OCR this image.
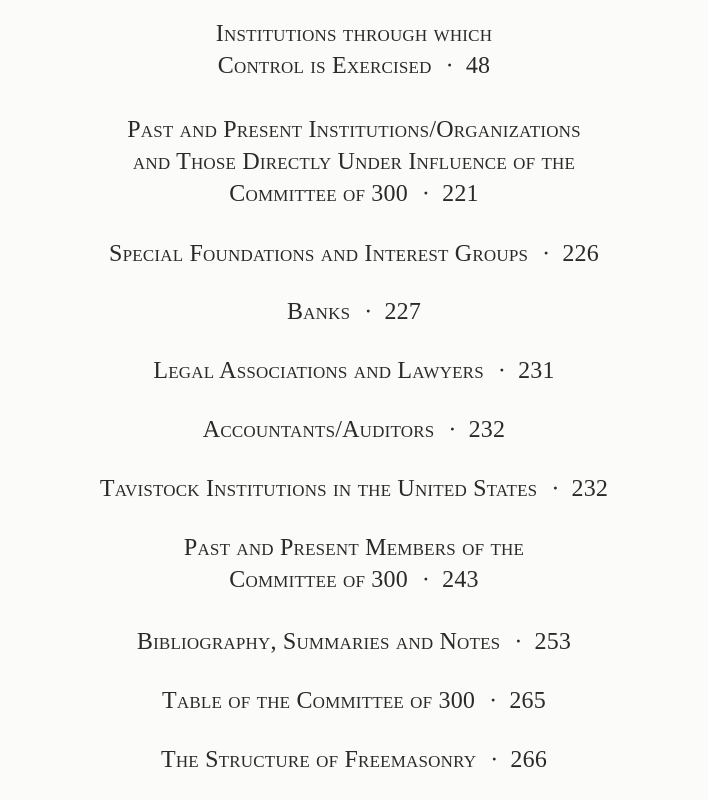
Institutions through which
Control is Exercised · 48
Past and Present Institutions/Organizations
and Those Directly Under Influence of the
Committee of 300 · 221
Special Foundations and Interest Groups · 226
Banks · 227
Legal Associations and Lawyers · 231
Accountants/Auditors · 232
Tavistock Institutions in the United States · 232
Past and Present Members of the
Committee of 300 · 243
Bibliography, Summaries and Notes · 253
Table of the Committee of 300 · 265
The Structure of Freemasonry · 266
